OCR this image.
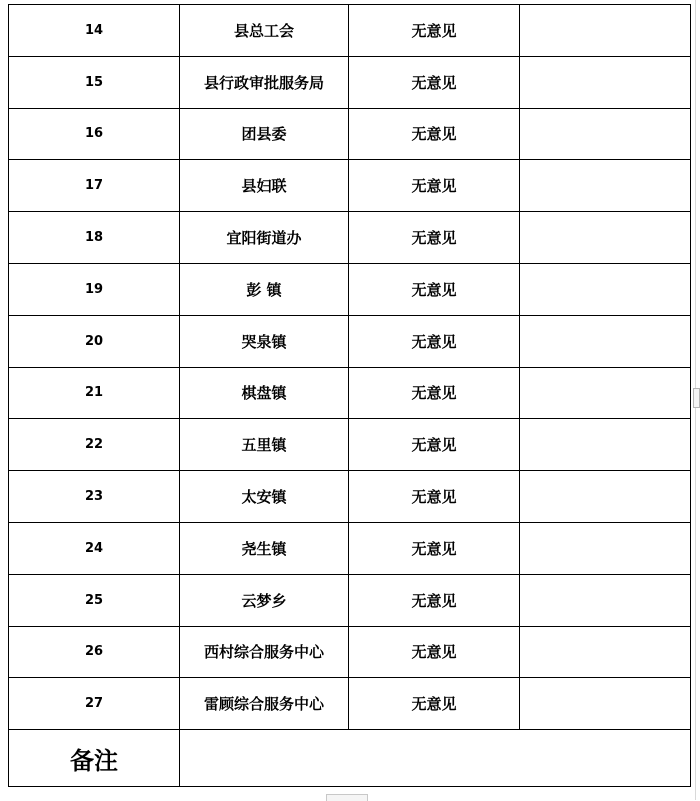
14	县总工会	无意见	
15	县行政审批服务局	无意见	
16	团县委	无意见	
17	县妇联	无意见	
18	宜阳街道办	无意见	
19	彭 镇	无意见	
20	哭泉镇	无意见	
21	棋盘镇	无意见	
22	五里镇	无意见	
23	太安镇	无意见	
24	尧生镇	无意见	
25	云梦乡	无意见	
26	西村综合服务中心	无意见	
27	雷顾综合服务中心	无意见	
备注			
